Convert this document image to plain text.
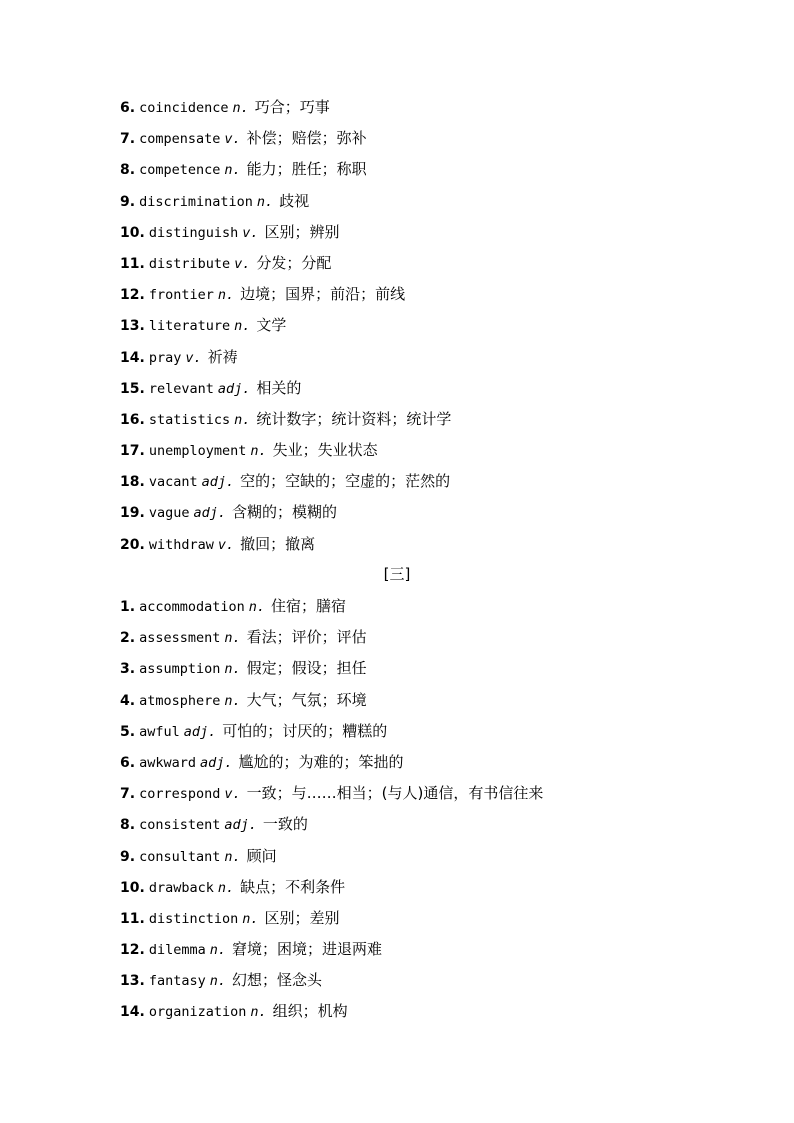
6. coincidence n. 巧合；巧事
7. compensate v. 补偿；赔偿；弥补
8. competence n. 能力；胜任；称职
9. discrimination n. 歧视
10. distinguish v. 区别；辨别
11. distribute v. 分发；分配
12. frontier n. 边境；国界；前沿；前线
13. literature n. 文学
14. pray v. 祈祷
15. relevant adj. 相关的
16. statistics n. 统计数字；统计资料；统计学
17. unemployment n. 失业；失业状态
18. vacant adj. 空的；空缺的；空虚的；茫然的
19. vague adj. 含糊的；模糊的
20. withdraw v. 撤回；撤离
[三]
1. accommodation n. 住宿；膳宿
2. assessment n. 看法；评价；评估
3. assumption n. 假定；假设；担任
4. atmosphere n. 大气；气氛；环境
5. awful adj. 可怕的；讨厌的；糟糕的
6. awkward adj. 尴尬的；为难的；笨拙的
7. correspond v. 一致；与……相当；(与人)通信，有书信往来
8. consistent adj. 一致的
9. consultant n. 顾问
10. drawback n. 缺点；不利条件
11. distinction n. 区别；差别
12. dilemma n. 窘境；困境；进退两难
13. fantasy n. 幻想；怪念头
14. organization n. 组织；机构
